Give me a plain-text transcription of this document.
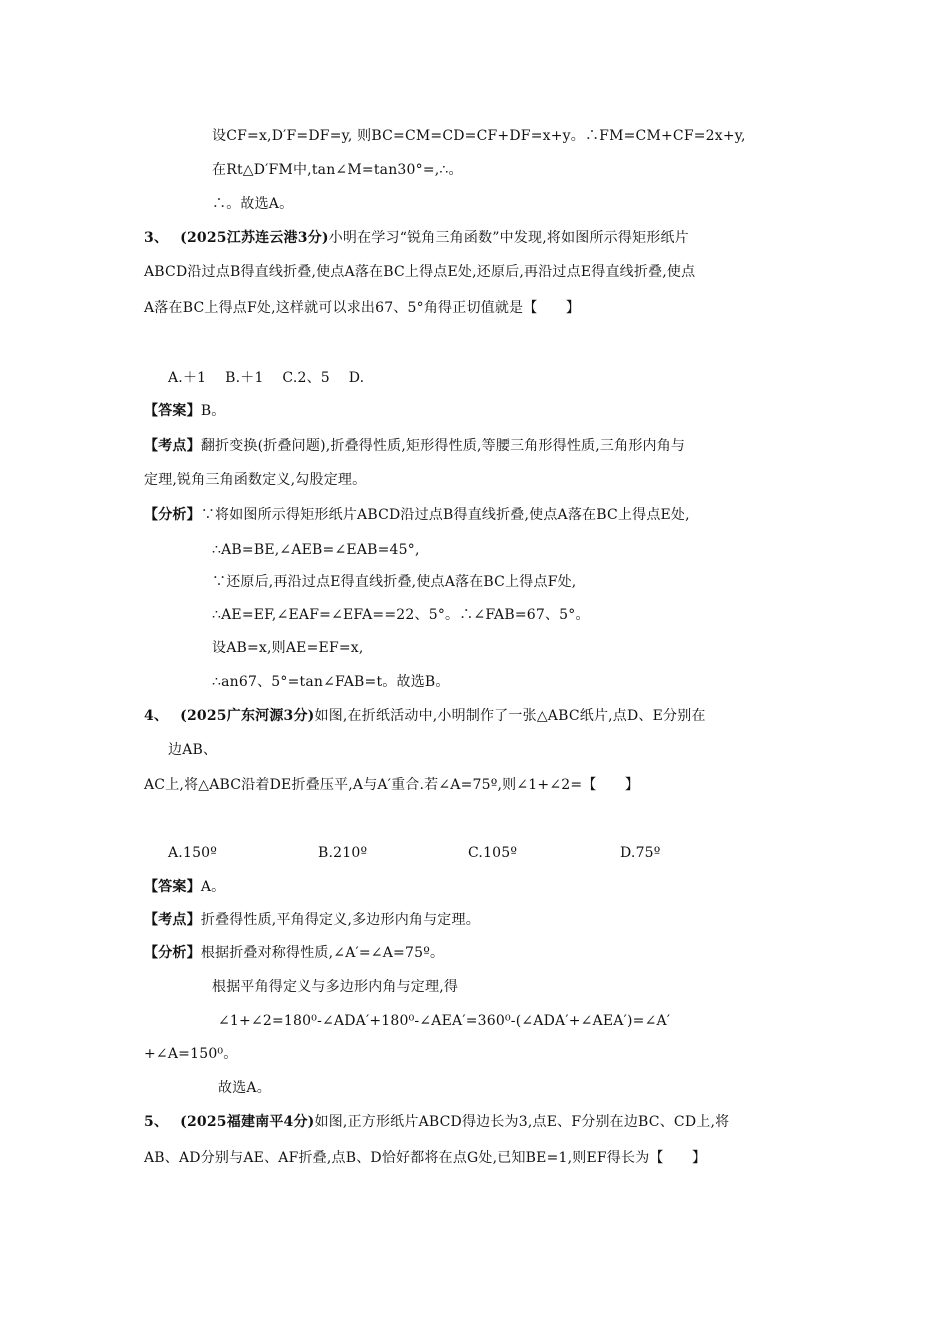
设CF=x,D′F=DF=y, 则BC=CM=CD=CF+DF=x+y。∴FM=CM+CF=2x+y,
在Rt△D′FM中,tan∠M=tan30°=,∴。
∴。故选A。
3、 (2025江苏连云港3分)小明在学习“锐角三角函数”中发现,将如图所示得矩形纸片
ABCD沿过点B得直线折叠,使点A落在BC上得点E处,还原后,再沿过点E得直线折叠,使点
A落在BC上得点F处,这样就可以求出67、5°角得正切值就是【　　】
A.＋1　 B.＋1　 C.2、5　 D.
【答案】B。
【考点】翻折变换(折叠问题),折叠得性质,矩形得性质,等腰三角形得性质,三角形内角与
定理,锐角三角函数定义,勾股定理。
【分析】∵将如图所示得矩形纸片ABCD沿过点B得直线折叠,使点A落在BC上得点E处,
∴AB=BE,∠AEB=∠EAB=45°,
∵还原后,再沿过点E得直线折叠,使点A落在BC上得点F处,
∴AE=EF,∠EAF=∠EFA==22、5°。∴∠FAB=67、5°。
设AB=x,则AE=EF=x,
∴an67、5°=tan∠FAB=t。故选B。
4、 (2025广东河源3分)如图,在折纸活动中,小明制作了一张△ABC纸片,点D、E分别在
边AB、
AC上,将△ABC沿着DE折叠压平,A与A′重合.若∠A=75º,则∠1+∠2=【　　】
A.150º	B.210º	C.105º	D.75º
【答案】A。
【考点】折叠得性质,平角得定义,多边形内角与定理。
【分析】根据折叠对称得性质,∠A′=∠A=75º。
根据平角得定义与多边形内角与定理,得
∠1+∠2=180⁰-∠ADA′+180⁰-∠AEA′=360⁰-(∠ADA′+∠AEA′)=∠A′
+∠A=150⁰。
故选A。
5、 (2025福建南平4分)如图,正方形纸片ABCD得边长为3,点E、F分别在边BC、CD上,将
AB、AD分别与AE、AF折叠,点B、D恰好都将在点G处,已知BE=1,则EF得长为【　　】
